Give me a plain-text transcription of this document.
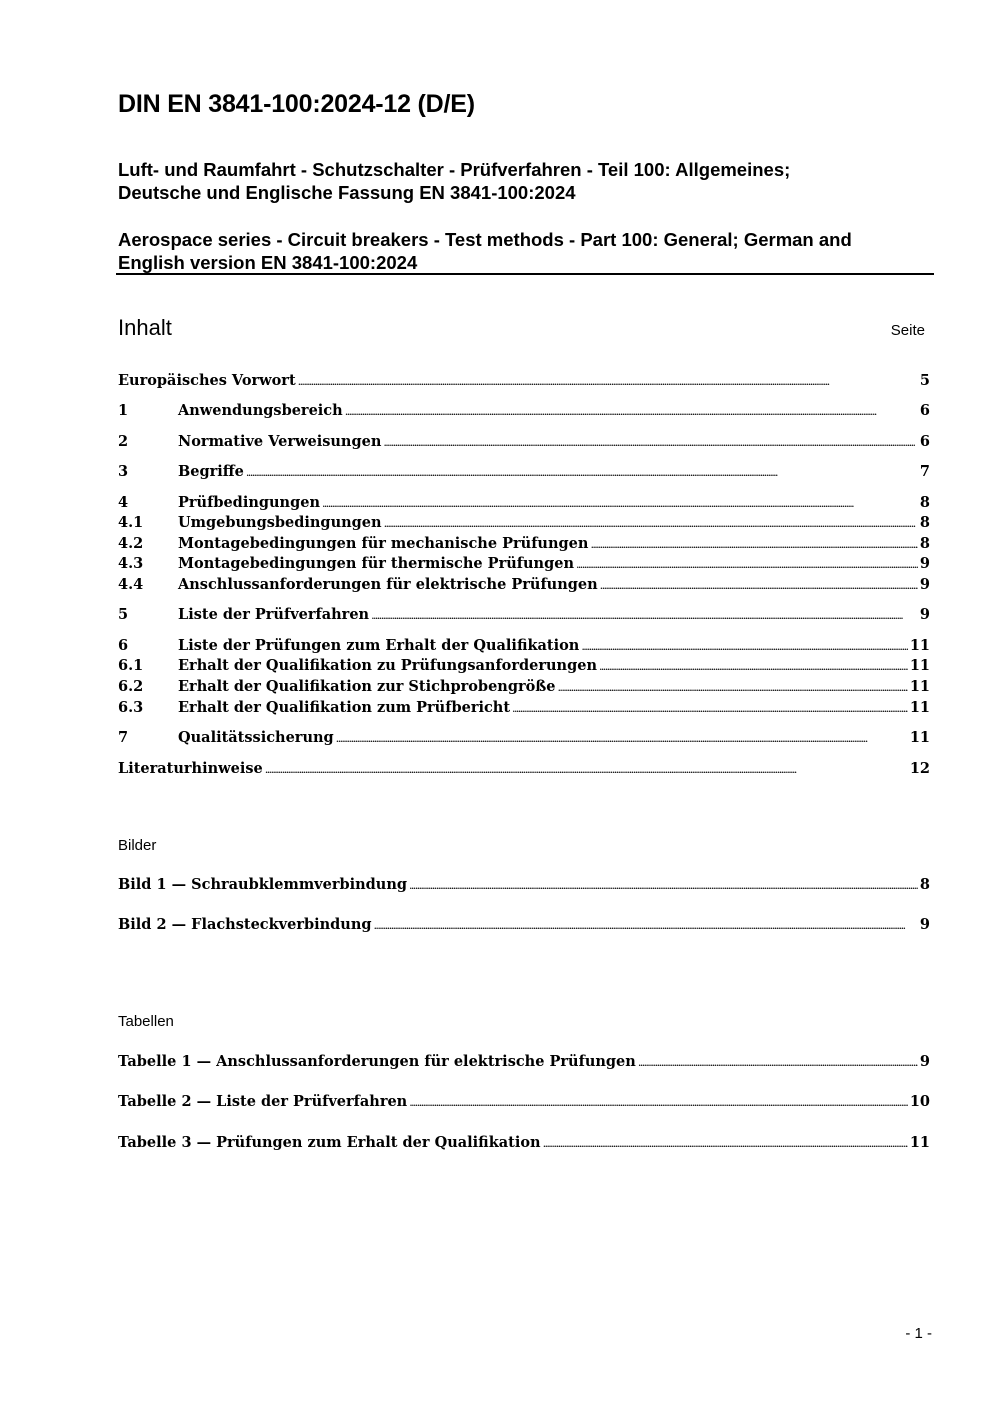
DIN EN 3841-100:2024-12 (D/E)
Luft- und Raumfahrt - Schutzschalter - Prüfverfahren - Teil 100: Allgemeines;
Deutsche und Englische Fassung EN 3841-100:2024
Aerospace series - Circuit breakers - Test methods - Part 100: General; German and
English version EN 3841-100:2024
Inhalt	Seite
Europäisches Vorwort .....	5
1	Anwendungsbereich .....	6
2	Normative Verweisungen .....	6
3	Begriffe .....	7
4	Prüfbedingungen .....	8
4.1	Umgebungsbedingungen .....	8
4.2	Montagebedingungen für mechanische Prüfungen .....	8
4.3	Montagebedingungen für thermische Prüfungen .....	9
4.4	Anschlussanforderungen für elektrische Prüfungen .....	9
5	Liste der Prüfverfahren .....	9
6	Liste der Prüfungen zum Erhalt der Qualifikation .....	11
6.1	Erhalt der Qualifikation zu Prüfungsanforderungen .....	11
6.2	Erhalt der Qualifikation zur Stichprobengröße .....	11
6.3	Erhalt der Qualifikation zum Prüfbericht .....	11
7	Qualitätssicherung .....	11
Literaturhinweise .....	12
Bilder
Bild 1 — Schraubklemmverbindung .....	8
Bild 2 — Flachsteckverbindung .....	9
Tabellen
Tabelle 1 — Anschlussanforderungen für elektrische Prüfungen .....	9
Tabelle 2 — Liste der Prüfverfahren .....	10
Tabelle 3 — Prüfungen zum Erhalt der Qualifikation .....	11
- 1 -
